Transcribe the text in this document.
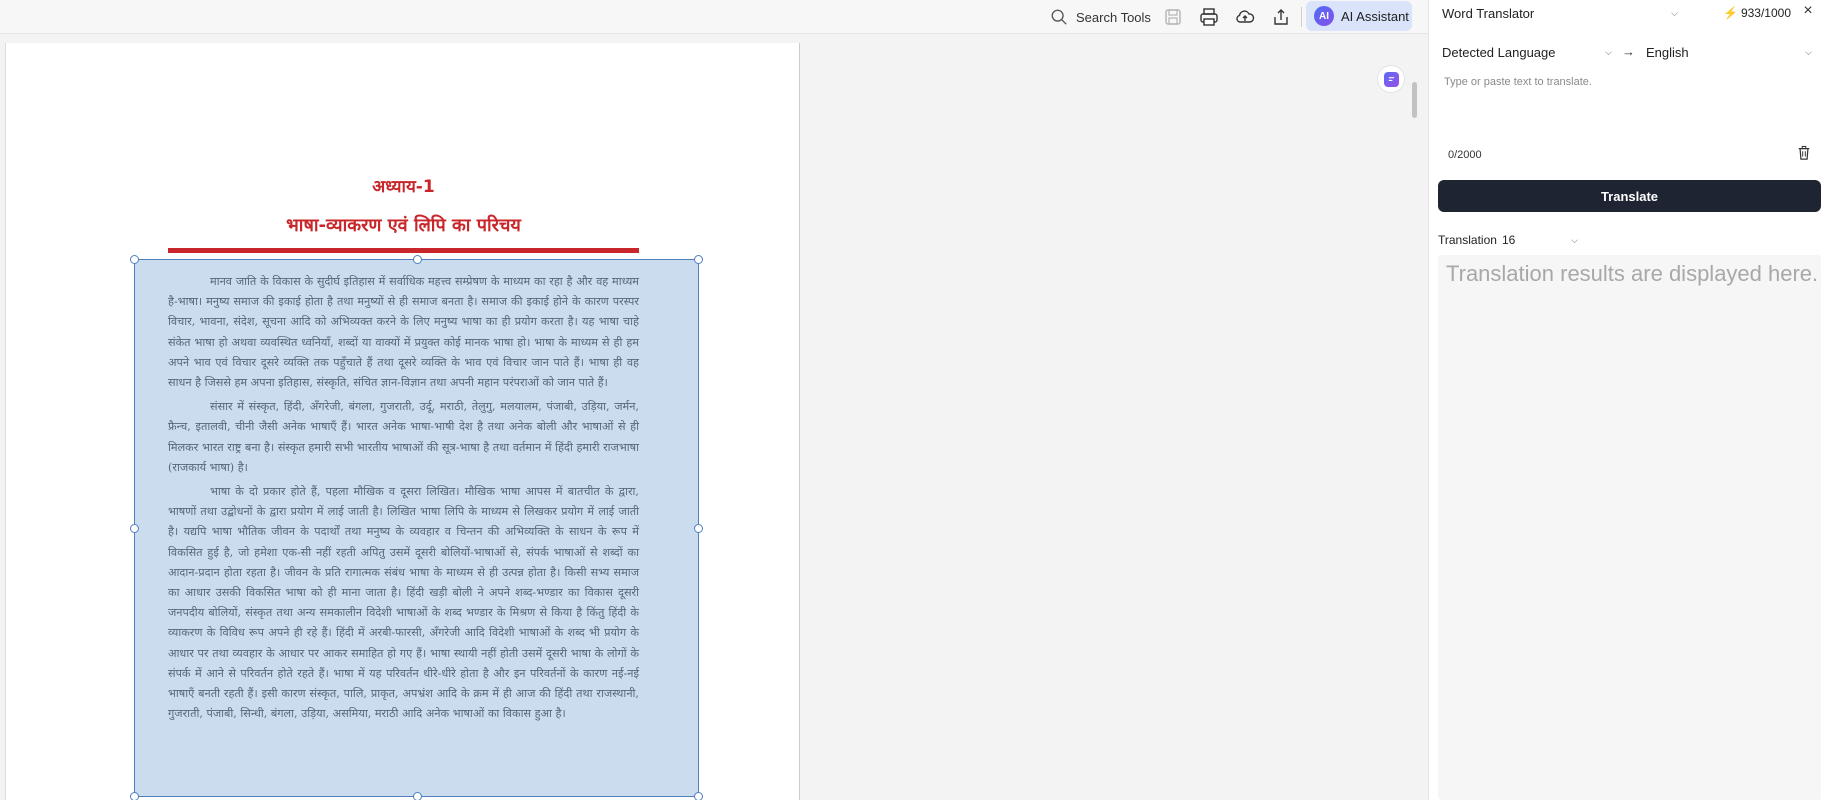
Search Tools	AI AI Assistant
अध्याय-1
भाषा-व्याकरण एवं लिपि का परिचय

मानव जाति के विकास के सुदीर्घ इतिहास में सर्वाधिक महत्त्व सम्प्रेषण के माध्यम का रहा है और वह माध्यम है-भाषा। मनुष्य समाज की इकाई होता है तथा मनुष्यों से ही समाज बनता है। समाज की इकाई होने के कारण परस्पर विचार, भावना, संदेश, सूचना आदि को अभिव्यक्त करने के लिए मनुष्य भाषा का ही प्रयोग करता है। यह भाषा चाहे संकेत भाषा हो अथवा व्यवस्थित ध्वनियाँ, शब्दों या वाक्यों में प्रयुक्त कोई मानक भाषा हो। भाषा के माध्यम से ही हम अपने भाव एवं विचार दूसरे व्यक्ति तक पहुँचाते हैं तथा दूसरे व्यक्ति के भाव एवं विचार जान पाते हैं। भाषा ही वह साधन है जिससे हम अपना इतिहास, संस्कृति, संचित ज्ञान-विज्ञान तथा अपनी महान परंपराओं को जान पाते हैं।

संसार में संस्कृत, हिंदी, अँगरेजी, बंगला, गुजराती, उर्दू, मराठी, तेलुगु, मलयालम, पंजाबी, उड़िया, जर्मन, फ्रैन्च, इतालवी, चीनी जैसी अनेक भाषाएँ हैं। भारत अनेक भाषा-भाषी देश है तथा अनेक बोली और भाषाओं से ही मिलकर भारत राष्ट्र बना है। संस्कृत हमारी सभी भारतीय भाषाओं की सूत्र-भाषा है तथा वर्तमान में हिंदी हमारी राजभाषा (राजकार्य भाषा) है।

भाषा के दो प्रकार होते हैं, पहला मौखिक व दूसरा लिखित। मौखिक भाषा आपस में बातचीत के द्वारा, भाषणों तथा उद्बोधनों के द्वारा प्रयोग में लाई जाती है। लिखित भाषा लिपि के माध्यम से लिखकर प्रयोग में लाई जाती है। यद्यपि भाषा भौतिक जीवन के पदार्थों तथा मनुष्य के व्यवहार व चिन्तन की अभिव्यक्ति के साधन के रूप में विकसित हुई है, जो हमेशा एक-सी नहीं रहती अपितु उसमें दूसरी बोलियों-भाषाओं से, संपर्क भाषाओं से शब्दों का आदान-प्रदान होता रहता है। जीवन के प्रति रागात्मक संबंध भाषा के माध्यम से ही उत्पन्न होता है। किसी सभ्य समाज का आधार उसकी विकसित भाषा को ही माना जाता है। हिंदी खड़ी बोली ने अपने शब्द-भण्डार का विकास दूसरी जनपदीय बोलियों, संस्कृत तथा अन्य समकालीन विदेशी भाषाओं के शब्द भण्डार के मिश्रण से किया है किंतु हिंदी के व्याकरण के विविध रूप अपने ही रहे हैं। हिंदी में अरबी-फारसी, अँगरेजी आदि विदेशी भाषाओं के शब्द भी प्रयोग के आधार पर तथा व्यवहार के आधार पर आकर समाहित हो गए हैं। भाषा स्थायी नहीं होती उसमें दूसरी भाषा के लोगों के संपर्क में आने से परिवर्तन होते रहते हैं। भाषा में यह परिवर्तन धीरे-धीरे होता है और इन परिवर्तनों के कारण नई-नई भाषाएँ बनती रहती हैं। इसी कारण संस्कृत, पालि, प्राकृत, अपभ्रंश आदि के क्रम में ही आज की हिंदी तथा राजस्थानी, गुजराती, पंजाबी, सिन्धी, बंगला, उड़िया, असमिया, मराठी आदि अनेक भाषाओं का विकास हुआ है।

Word Translator	⌵	⚡ 933/1000 ×
Detected Language	⌵ → English	⌵
Type or paste text to translate.
0/2000
Translate
Translation 16	⌵
Translation results are displayed here.
